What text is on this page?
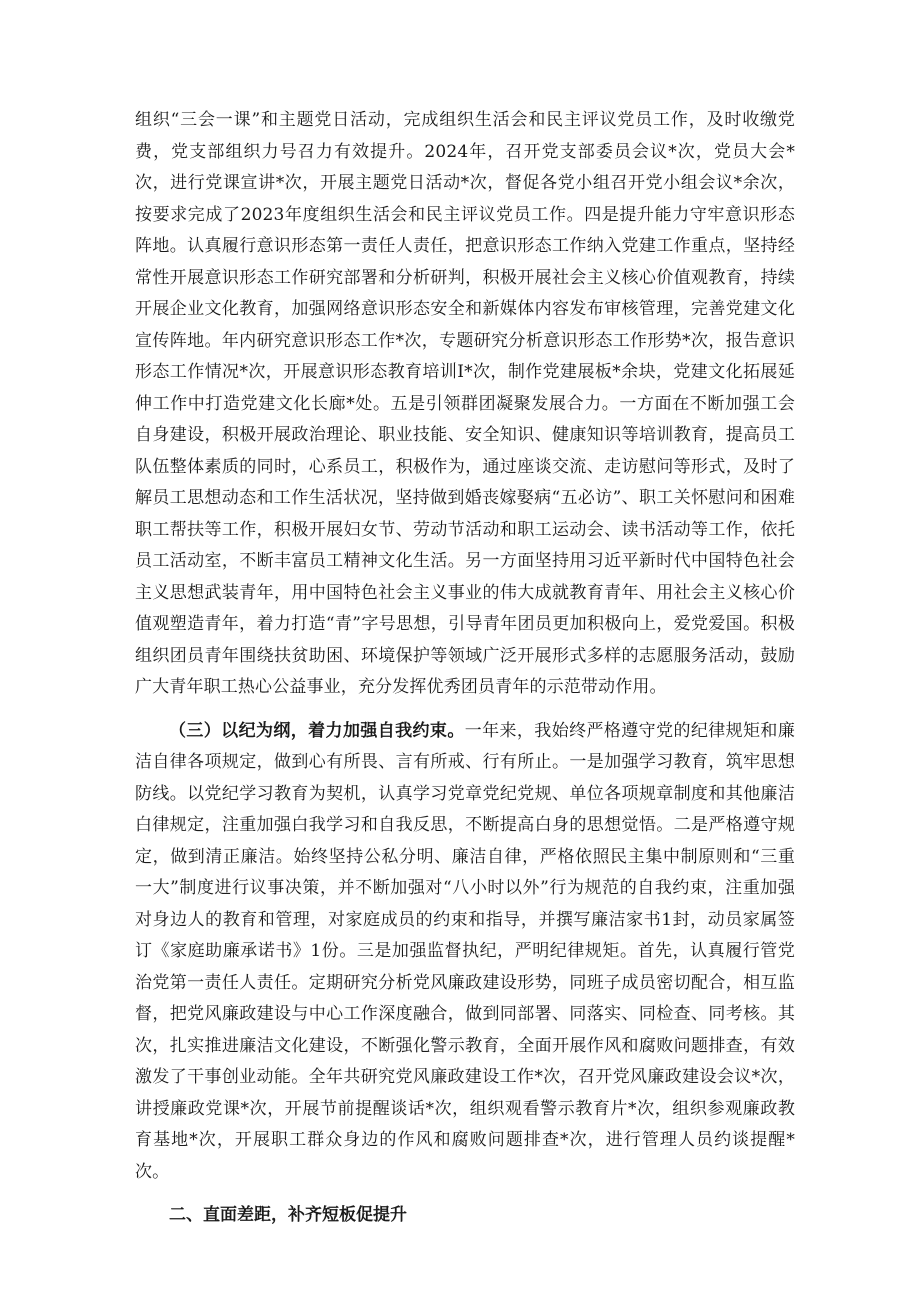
组织“三会一课”和主题党日活动，完成组织生活会和民主评议党员工作，及时收缴党费，党支部组织力号召力有效提升。2024年，召开党支部委员会议*次，党员大会*次，进行党课宣讲*次，开展主题党日活动*次，督促各党小组召开党小组会议*余次，按要求完成了2023年度组织生活会和民主评议党员工作。四是提升能力守牢意识形态阵地。认真履行意识形态第一责任人责任，把意识形态工作纳入党建工作重点，坚持经常性开展意识形态工作研究部署和分析研判，积极开展社会主义核心价值观教育，持续开展企业文化教育，加强网络意识形态安全和新媒体内容发布审核管理，完善党建文化宣传阵地。年内研究意识形态工作*次，专题研究分析意识形态工作形势*次，报告意识形态工作情况*次，开展意识形态教育培训I*次，制作党建展板*余块，党建文化拓展延伸工作中打造党建文化长廊*处。五是引领群团凝聚发展合力。一方面在不断加强工会自身建设，积极开展政治理论、职业技能、安全知识、健康知识等培训教育，提高员工队伍整体素质的同时，心系员工，积极作为，通过座谈交流、走访慰问等形式，及时了解员工思想动态和工作生活状况，坚持做到婚丧嫁娶病“五必访”、职工关怀慰问和困难职工帮扶等工作，积极开展妇女节、劳动节活动和职工运动会、读书活动等工作，依托员工活动室，不断丰富员工精神文化生活。另一方面坚持用习近平新时代中国特色社会主义思想武装青年，用中国特色社会主义事业的伟大成就教育青年、用社会主义核心价值观塑造青年，着力打造“青”字号思想，引导青年团员更加积极向上，爱党爱国。积极组织团员青年围绕扶贫助困、环境保护等领域广泛开展形式多样的志愿服务活动，鼓励广大青年职工热心公益事业，充分发挥优秀团员青年的示范带动作用。

（三）以纪为纲，着力加强自我约束。一年来，我始终严格遵守党的纪律规矩和廉洁自律各项规定，做到心有所畏、言有所戒、行有所止。一是加强学习教育，筑牢思想防线。以党纪学习教育为契机，认真学习党章党纪党规、单位各项规章制度和其他廉洁白律规定，注重加强白我学习和自我反思，不断提高白身的思想觉悟。二是严格遵守规定，做到清正廉洁。始终坚持公私分明、廉洁自律，严格依照民主集中制原则和“三重一大”制度进行议事决策，并不断加强对“八小时以外”行为规范的自我约束，注重加强对身边人的教育和管理，对家庭成员的约束和指导，并撰写廉洁家书1封，动员家属签订《家庭助廉承诺书》1份。三是加强监督执纪，严明纪律规矩。首先，认真履行管党治党第一责任人责任。定期研究分析党风廉政建设形势，同班子成员密切配合，相互监督，把党风廉政建设与中心工作深度融合，做到同部署、同落实、同检查、同考核。其次，扎实推进廉洁文化建设，不断强化警示教育，全面开展作风和腐败问题排查，有效激发了干事创业动能。全年共研究党风廉政建设工作*次，召开党风廉政建设会议*次，讲授廉政党课*次，开展节前提醒谈话*次，组织观看警示教育片*次，组织参观廉政教育基地*次，开展职工群众身边的作风和腐败问题排查*次，进行管理人员约谈提醒*次。

二、直面差距，补齐短板促提升
